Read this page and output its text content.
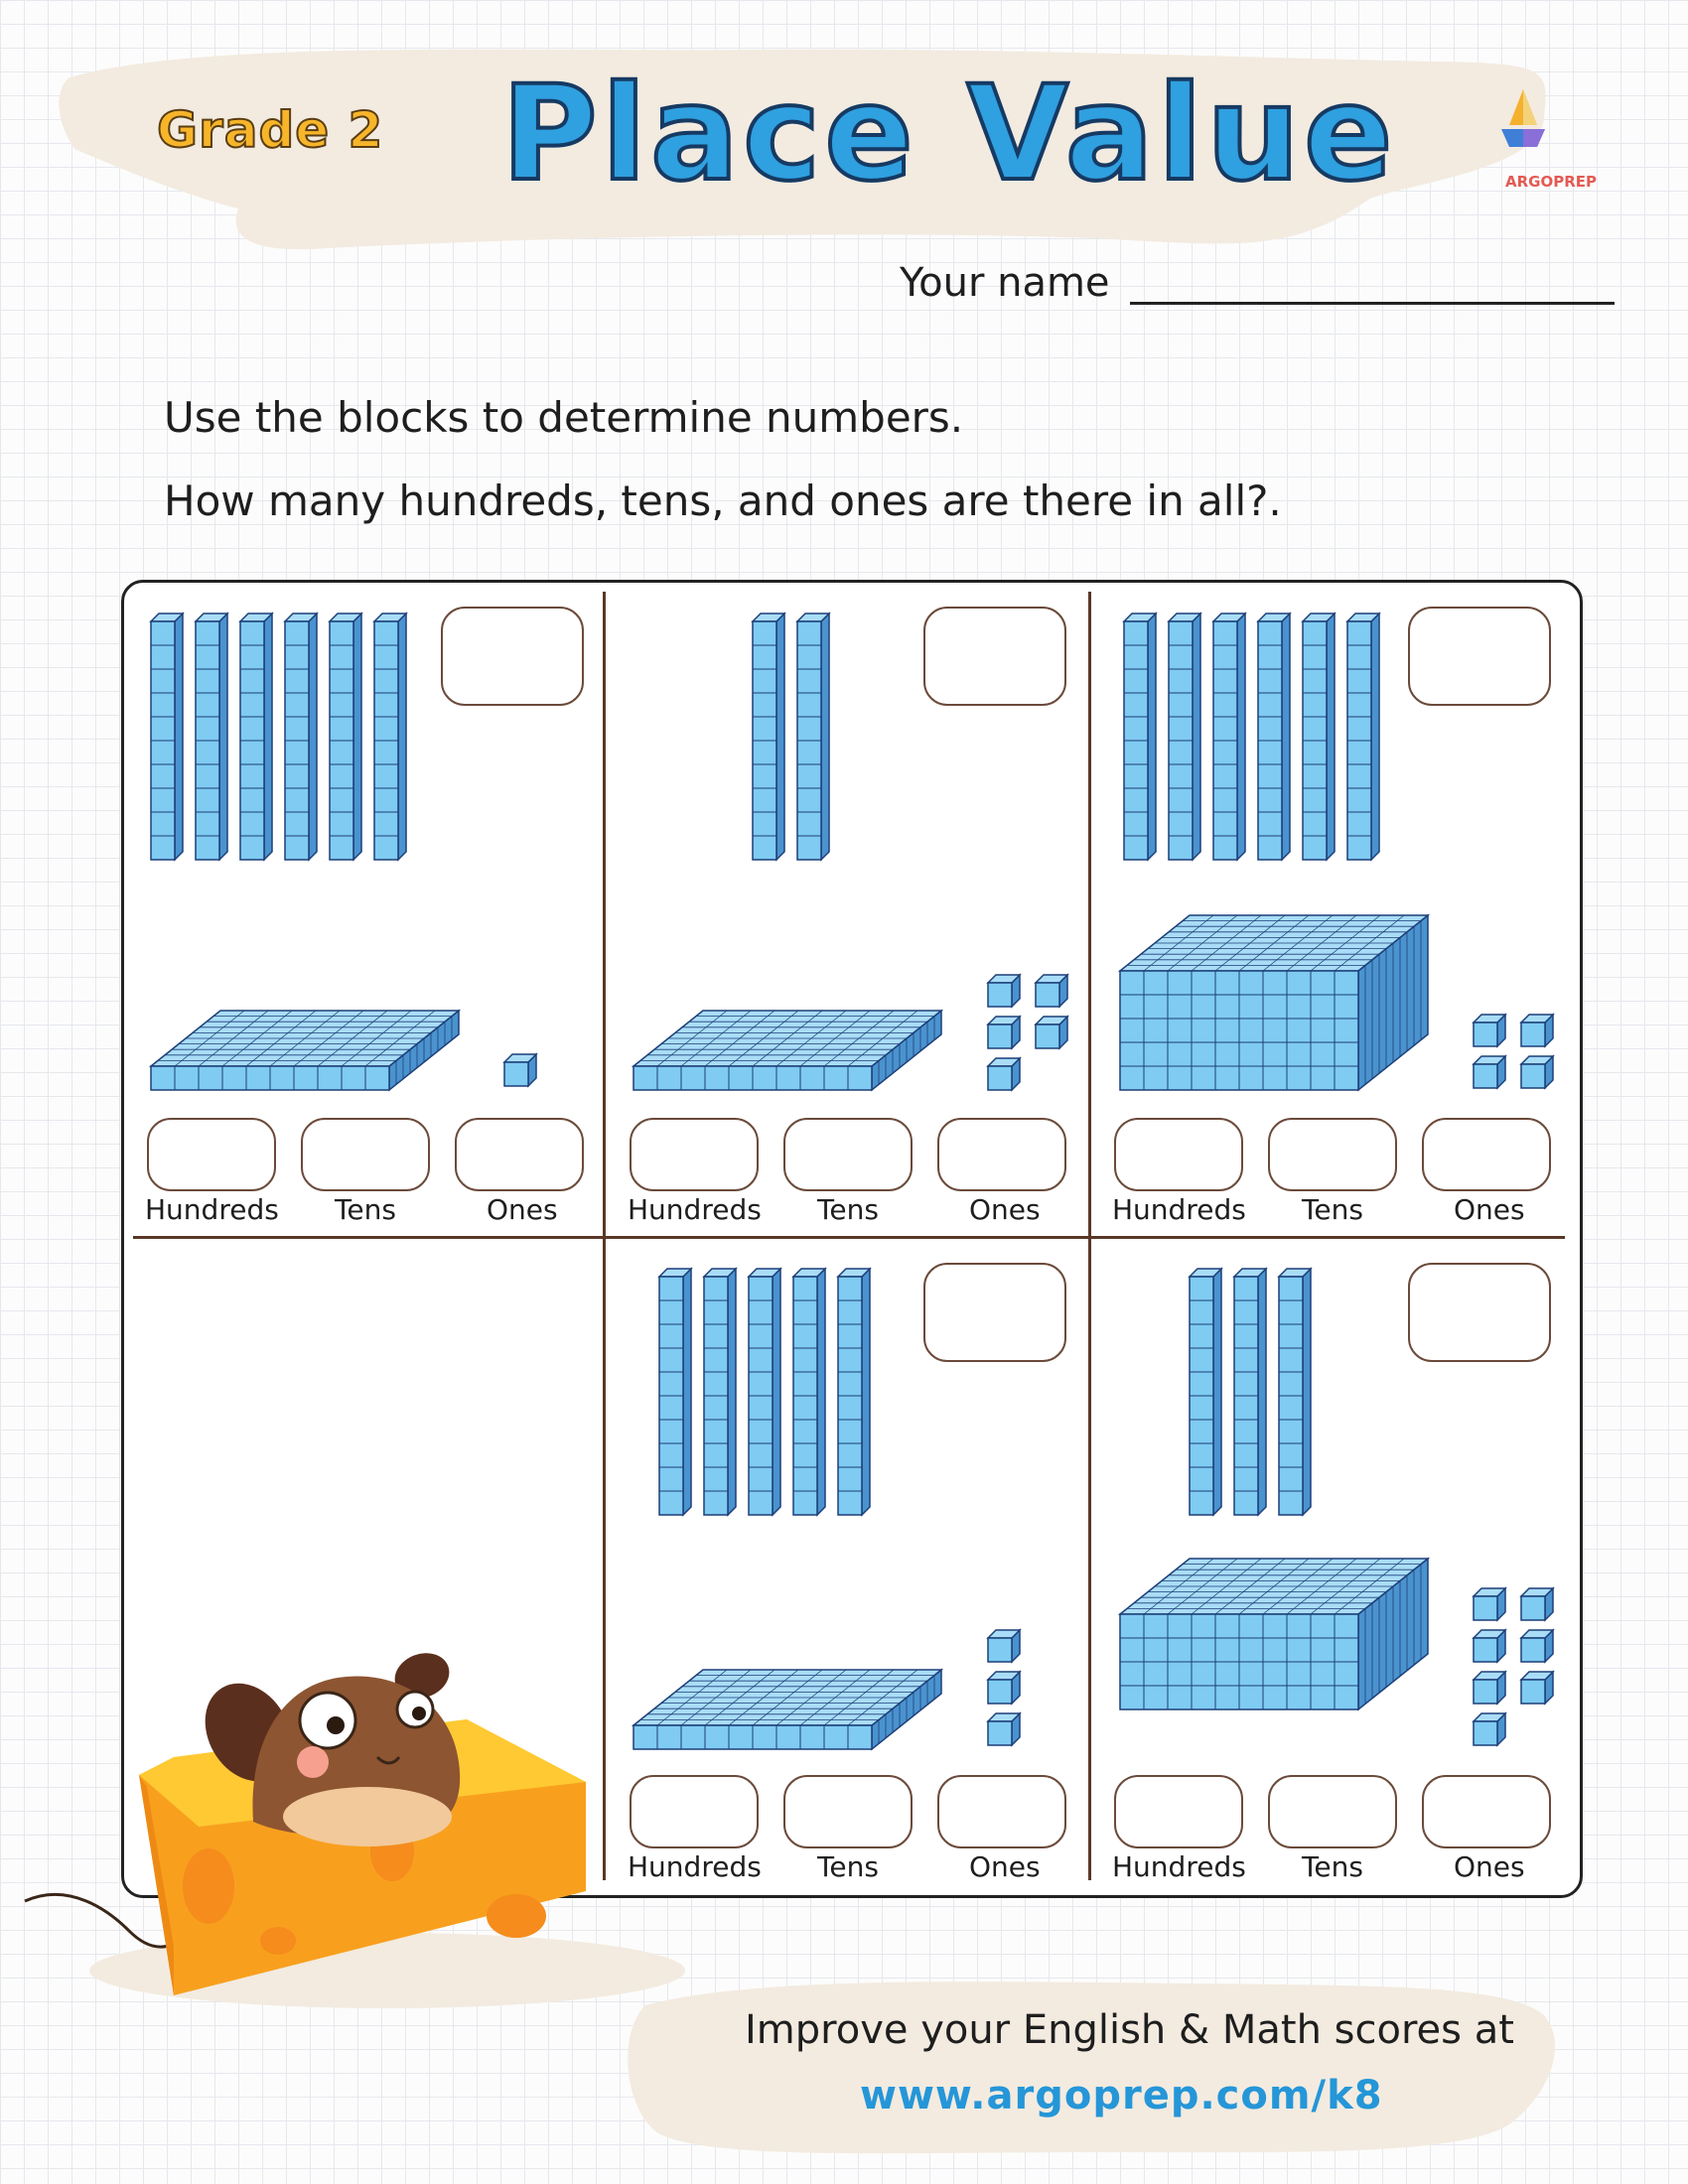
Grade 2 Place Value	ARGOPREP
Your name
Use the blocks to determine numbers.
How many hundreds, tens, and ones are there in all?.
Hundreds Tens	Ones	Hundreds Tens	Ones	Hundreds Tens	Ones
Hundreds Tens	Ones	Hundreds Tens	Ones
Improve your English & Math scores at
www.argoprep.com/k8
